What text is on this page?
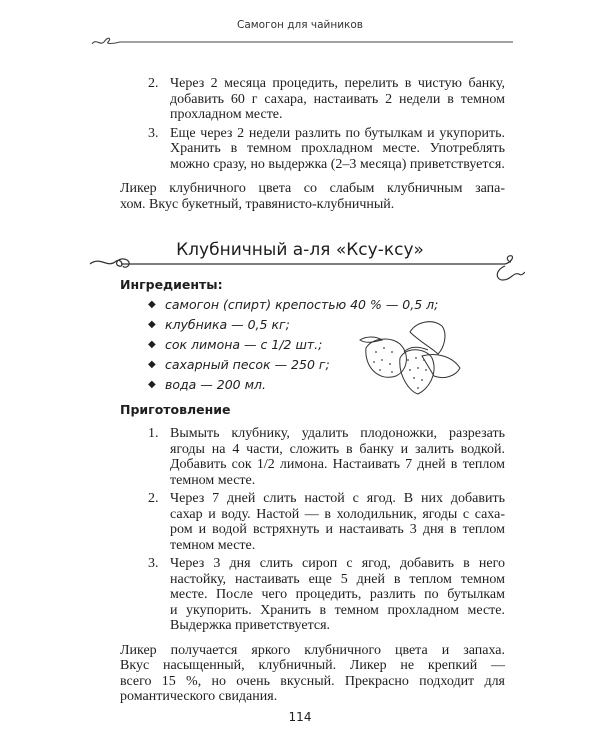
Самогон для чайников
2. Через 2 месяца процедить, перелить в чистую банку,
добавить 60 г сахара, настаивать 2 недели в темном
прохладном месте.
3. Еще через 2 недели разлить по бутылкам и укупорить.
Хранить в темном прохладном месте. Употреблять
можно сразу, но выдержка (2–3 месяца) приветствуется.
Ликер клубничного цвета со слабым клубничным запа-
хом. Вкус букетный, травянисто-клубничный.
Клубничный а-ля «Ксу-ксу»
Ингредиенты:
◆ самогон (спирт) крепостью 40 % — 0,5 л;
◆ клубника — 0,5 кг;
◆ сок лимона — с 1/2 шт.;
◆ сахарный песок — 250 г;
◆ вода — 200 мл.
Приготовление
1. Вымыть клубнику, удалить плодоножки, разрезать
ягоды на 4 части, сложить в банку и залить водкой.
Добавить сок 1/2 лимона. Настаивать 7 дней в теплом
темном месте.
2. Через 7 дней слить настой с ягод. В них добавить
сахар и воду. Настой — в холодильник, ягоды с саха-
ром и водой встряхнуть и настаивать 3 дня в теплом
темном месте.
3. Через 3 дня слить сироп с ягод, добавить в него
настойку, настаивать еще 5 дней в теплом темном
месте. После чего процедить, разлить по бутылкам
и укупорить. Хранить в темном прохладном месте.
Выдержка приветствуется.
Ликер получается яркого клубничного цвета и запаха.
Вкус насыщенный, клубничный. Ликер не крепкий —
всего 15 %, но очень вкусный. Прекрасно подходит для
романтического свидания.
114
